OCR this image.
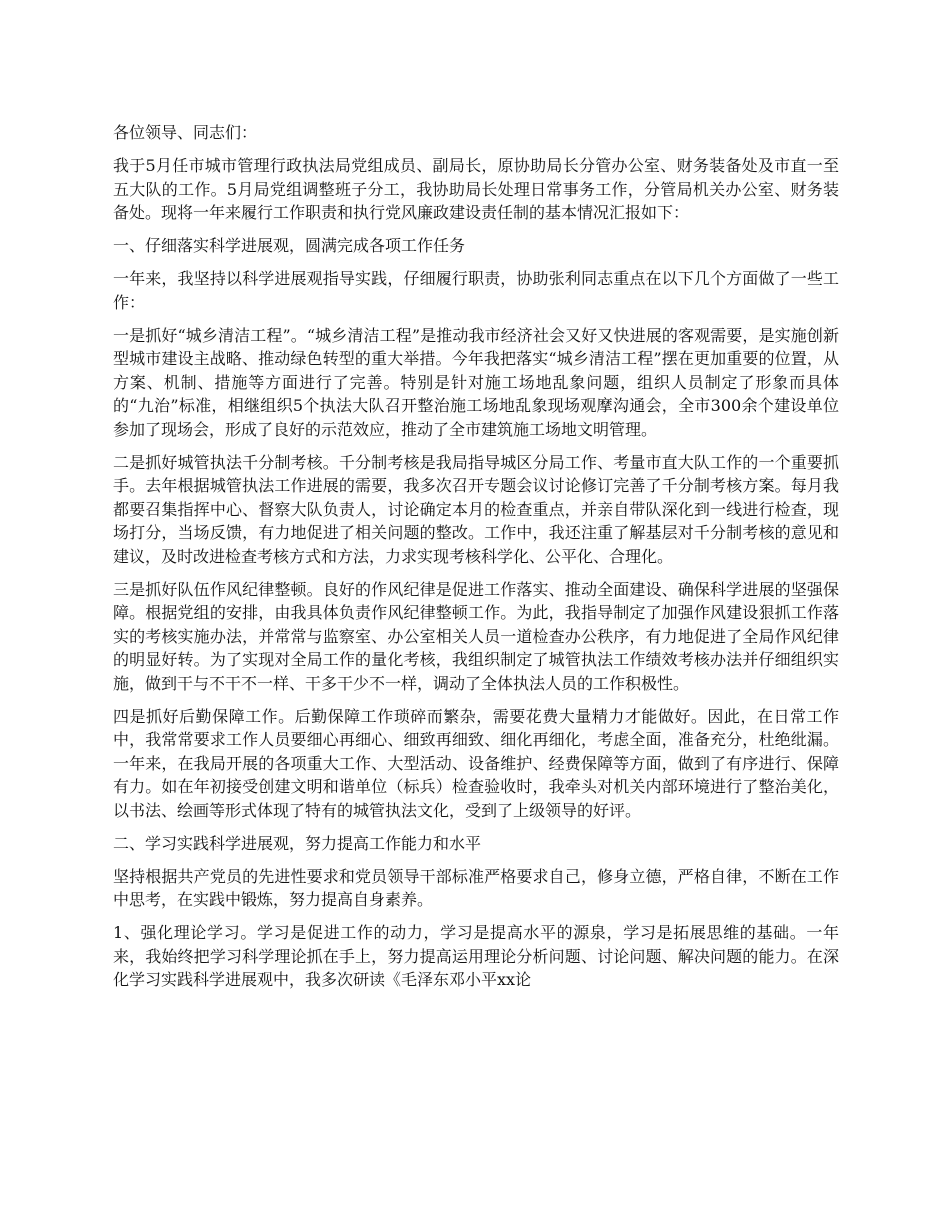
各位领导、同志们：

我于5月任市城市管理行政执法局党组成员、副局长，原协助局长分管办公室、财务装备处及市直一至五大队的工作。5月局党组调整班子分工，我协助局长处理日常事务工作，分管局机关办公室、财务装备处。现将一年来履行工作职责和执行党风廉政建设责任制的基本情况汇报如下：

一、仔细落实科学进展观，圆满完成各项工作任务

一年来，我坚持以科学进展观指导实践，仔细履行职责，协助张利同志重点在以下几个方面做了一些工作：

一是抓好“城乡清洁工程”。“城乡清洁工程”是推动我市经济社会又好又快进展的客观需要，是实施创新型城市建设主战略、推动绿色转型的重大举措。今年我把落实“城乡清洁工程”摆在更加重要的位置，从方案、机制、措施等方面进行了完善。特别是针对施工场地乱象问题，组织人员制定了形象而具体的“九治”标准，相继组织5个执法大队召开整治施工场地乱象现场观摩沟通会，全市300余个建设单位参加了现场会，形成了良好的示范效应，推动了全市建筑施工场地文明管理。

二是抓好城管执法千分制考核。千分制考核是我局指导城区分局工作、考量市直大队工作的一个重要抓手。去年根据城管执法工作进展的需要，我多次召开专题会议讨论修订完善了千分制考核方案。每月我都要召集指挥中心、督察大队负责人，讨论确定本月的检查重点，并亲自带队深化到一线进行检查，现场打分，当场反馈，有力地促进了相关问题的整改。工作中，我还注重了解基层对千分制考核的意见和建议，及时改进检查考核方式和方法，力求实现考核科学化、公平化、合理化。

三是抓好队伍作风纪律整顿。良好的作风纪律是促进工作落实、推动全面建设、确保科学进展的坚强保障。根据党组的安排，由我具体负责作风纪律整顿工作。为此，我指导制定了加强作风建设狠抓工作落实的考核实施办法，并常常与监察室、办公室相关人员一道检查办公秩序，有力地促进了全局作风纪律的明显好转。为了实现对全局工作的量化考核，我组织制定了城管执法工作绩效考核办法并仔细组织实施，做到干与不干不一样、干多干少不一样，调动了全体执法人员的工作积极性。

四是抓好后勤保障工作。后勤保障工作琐碎而繁杂，需要花费大量精力才能做好。因此，在日常工作中，我常常要求工作人员要细心再细心、细致再细致、细化再细化，考虑全面，准备充分，杜绝纰漏。一年来，在我局开展的各项重大工作、大型活动、设备维护、经费保障等方面，做到了有序进行、保障有力。如在年初接受创建文明和谐单位（标兵）检查验收时，我牵头对机关内部环境进行了整治美化，以书法、绘画等形式体现了特有的城管执法文化，受到了上级领导的好评。

二、学习实践科学进展观，努力提高工作能力和水平

坚持根据共产党员的先进性要求和党员领导干部标准严格要求自己，修身立德，严格自律，不断在工作中思考，在实践中锻炼，努力提高自身素养。

1、强化理论学习。学习是促进工作的动力，学习是提高水平的源泉，学习是拓展思维的基础。一年来，我始终把学习科学理论抓在手上，努力提高运用理论分析问题、讨论问题、解决问题的能力。在深化学习实践科学进展观中，我多次研读《毛泽东邓小平xx论
